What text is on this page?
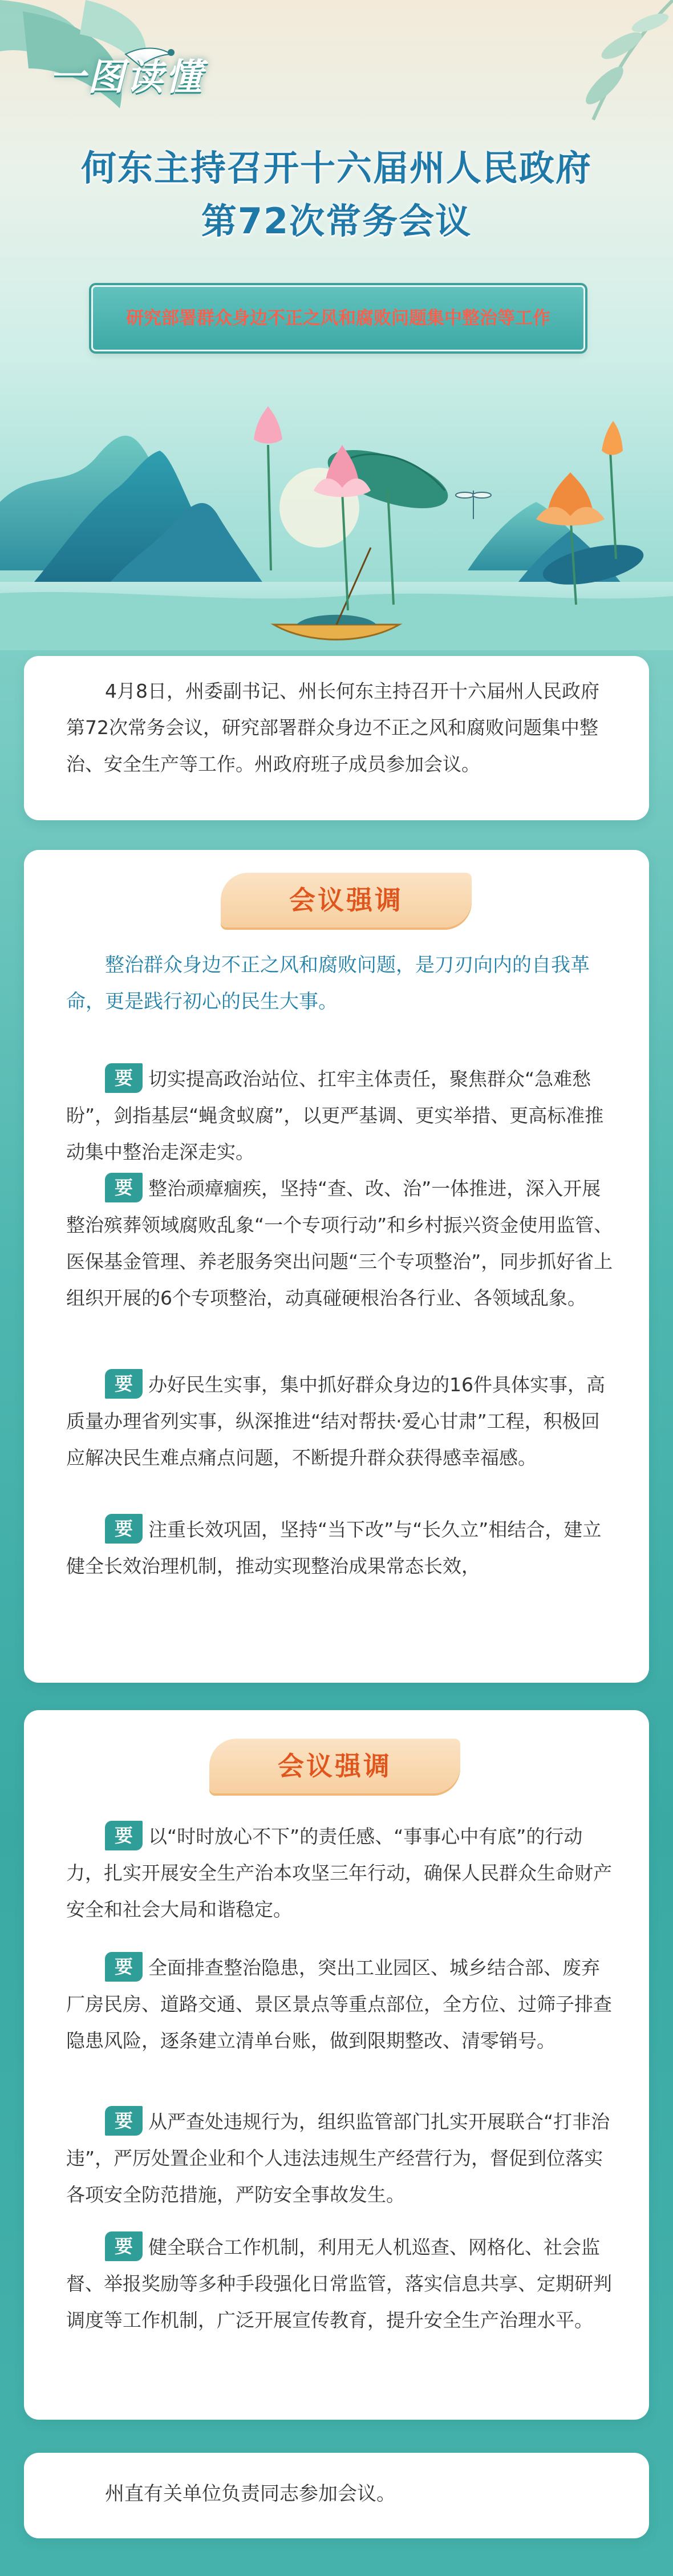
一图读懂
何东主持召开十六届州人民政府
第72次常务会议
研究部署群众身边不正之风和腐败问题集中整治等工作

4月8日，州委副书记、州长何东主持召开十六届州人民政府第72次常务会议，研究部署群众身边不正之风和腐败问题集中整治、安全生产等工作。州政府班子成员参加会议。

会议强调

整治群众身边不正之风和腐败问题，是刀刃向内的自我革命，更是践行初心的民生大事。

要 切实提高政治站位、扛牢主体责任，聚焦群众“急难愁盼”，剑指基层“蝇贪蚁腐”，以更严基调、更实举措、更高标准推动集中整治走深走实。

要 整治顽瘴痼疾，坚持“查、改、治”一体推进，深入开展整治殡葬领域腐败乱象“一个专项行动”和乡村振兴资金使用监管、医保基金管理、养老服务突出问题“三个专项整治”，同步抓好省上组织开展的6个专项整治，动真碰硬根治各行业、各领域乱象。

要 办好民生实事，集中抓好群众身边的16件具体实事，高质量办理省列实事，纵深推进“结对帮扶·爱心甘肃”工程，积极回应解决民生难点痛点问题，不断提升群众获得感幸福感。

要 注重长效巩固，坚持“当下改”与“长久立”相结合，建立健全长效治理机制，推动实现整治成果常态长效，

会议强调

要 以“时时放心不下”的责任感、“事事心中有底”的行动力，扎实开展安全生产治本攻坚三年行动，确保人民群众生命财产安全和社会大局和谐稳定。

要 全面排查整治隐患，突出工业园区、城乡结合部、废弃厂房民房、道路交通、景区景点等重点部位，全方位、过筛子排查隐患风险，逐条建立清单台账，做到限期整改、清零销号。

要 从严查处违规行为，组织监管部门扎实开展联合“打非治违”，严厉处置企业和个人违法违规生产经营行为，督促到位落实各项安全防范措施，严防安全事故发生。

要 健全联合工作机制，利用无人机巡查、网格化、社会监督、举报奖励等多种手段强化日常监管，落实信息共享、定期研判调度等工作机制，广泛开展宣传教育，提升安全生产治理水平。

州直有关单位负责同志参加会议。
